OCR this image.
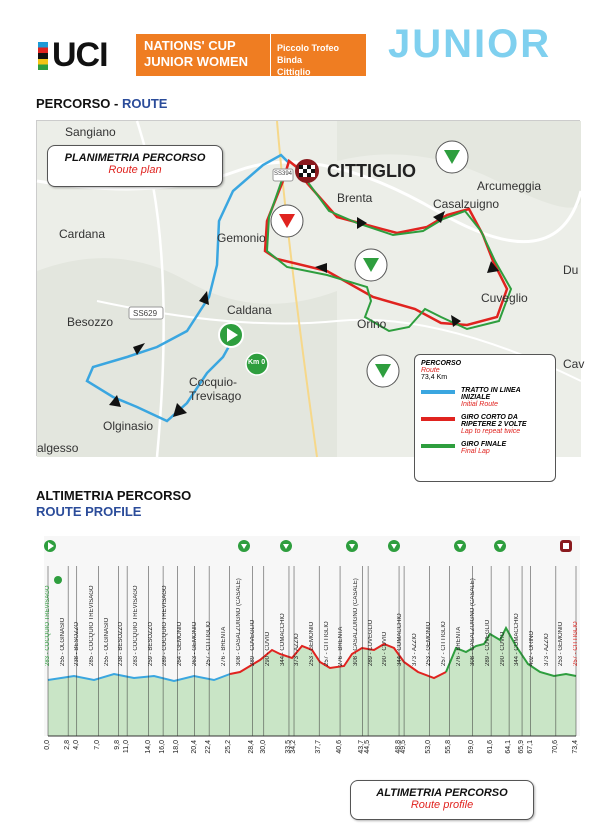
UCI	NATIONS' CUP
JUNIOR WOMEN
Piccolo Trofeo Binda
Cittiglio
JUNIOR
PERCORSO - ROUTE
Sangiano
Cardana	Gemonio
Caldana
Besozzo
Cocquio-Trevisago
Olginasio
algesso
Brenta	Casalzuigno
Arcumeggia
Cuveglio
Orino
Du
Cav
CITTIGLIO
SS629
SS394
Km 0
PLANIMETRIA PERCORSO
Route plan
PERCORSO
Route
73,4 Km
TRATTO IN LINEA INIZIALE
Initial Route
GIRO CORTO DA RIPETERE 2 VOLTE
Lap to repeat twice
GIRO FINALE
Final Lap
ALTIMETRIA PERCORSO
ROUTE PROFILE
0,0 2,8 4,0 7,0 9,8 11,0 14,0 16,0 18,0 20,4 22,4 25,2 28,4 30,0	33,5
34,2	37,7 40,6 43,7
44,5	48,8
49,5	53,0 55,8 59,0 61,6 64,1 65,9 67,1	70,6 73,4
283 - COCQUIO TREVISAGO 255 - OLGINASIO 238 - BESOZZO 285 - COCQUIO TREVISAGO 255 - OLGINASIO 238 - BESOZZO 283 - COCQUIO TREVISAGO 259 - BESOZZO 289 - COCQUIO TREVISAGO 264 - GEMONIO 263 - GEMONIO 257 - CITTIGLIO 276 - BRENTA 308 - CASALZUIGNO (CASALE) 289 - CUVEGLIO 290 - CUVIO 344 - COMACCHIO 373 - AZZIO 253 - GEMONIO 257 - CITTIGLIO 276 - BRENTA 308 - CASALZUIGNO (CASALE) 289 - CUVEGLIO 290 - CUVIO 344 - COMACCHIO 373 - AZZIO 253 - GEMONIO 257 - CITTIGLIO 276 - BRENTA 308 - CASALZUIGNO (CASALE) 289 - CUVEGLIO 290 - CUVIO 344 - COMACCHIO 402 - ORINO 373 - AZZIO 253 - GEMONIO 257 - CITTIGLIO
ALTIMETRIA PERCORSO
Route profile
